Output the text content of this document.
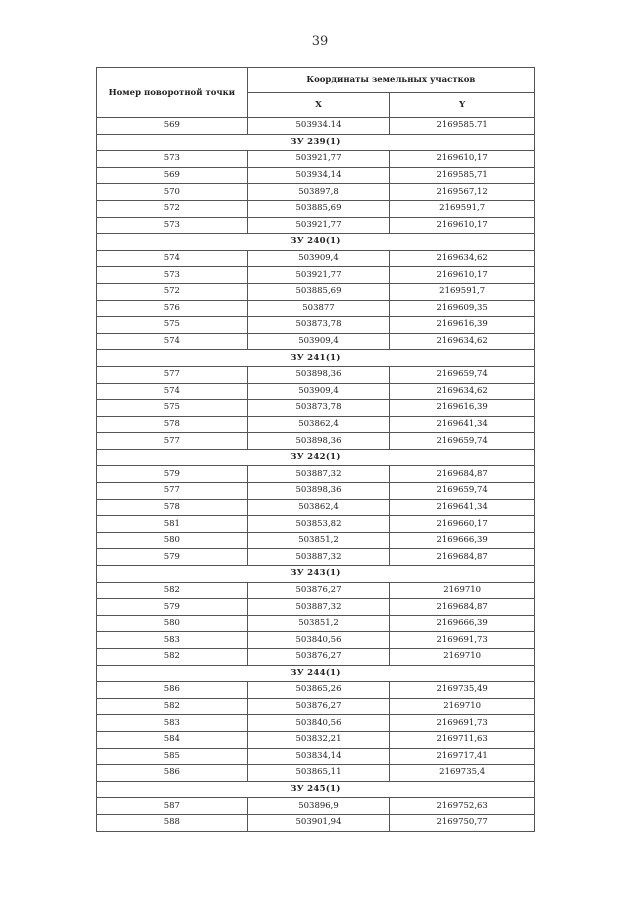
39
Номер поворотной точки	Координаты земельных участков	
	X	Y
569	503934.14	2169585.71
ЗУ 239(1)		
573	503921,77	2169610,17
569	503934,14	2169585,71
570	503897,8	2169567,12
572	503885,69	2169591,7
573	503921,77	2169610,17
ЗУ 240(1)		
574	503909,4	2169634,62
573	503921,77	2169610,17
572	503885,69	2169591,7
576	503877	2169609,35
575	503873,78	2169616,39
574	503909,4	2169634,62
ЗУ 241(1)		
577	503898,36	2169659,74
574	503909,4	2169634,62
575	503873,78	2169616,39
578	503862,4	2169641,34
577	503898,36	2169659,74
ЗУ 242(1)		
579	503887,32	2169684,87
577	503898,36	2169659,74
578	503862,4	2169641,34
581	503853,82	2169660,17
580	503851,2	2169666,39
579	503887,32	2169684,87
ЗУ 243(1)		
582	503876,27	2169710
579	503887,32	2169684,87
580	503851,2	2169666,39
583	503840,56	2169691,73
582	503876,27	2169710
ЗУ 244(1)		
586	503865,26	2169735,49
582	503876,27	2169710
583	503840,56	2169691,73
584	503832,21	2169711,63
585	503834,14	2169717,41
586	503865,11	2169735,4
ЗУ 245(1)		
587	503896,9	2169752,63
588	503901,94	2169750,77
